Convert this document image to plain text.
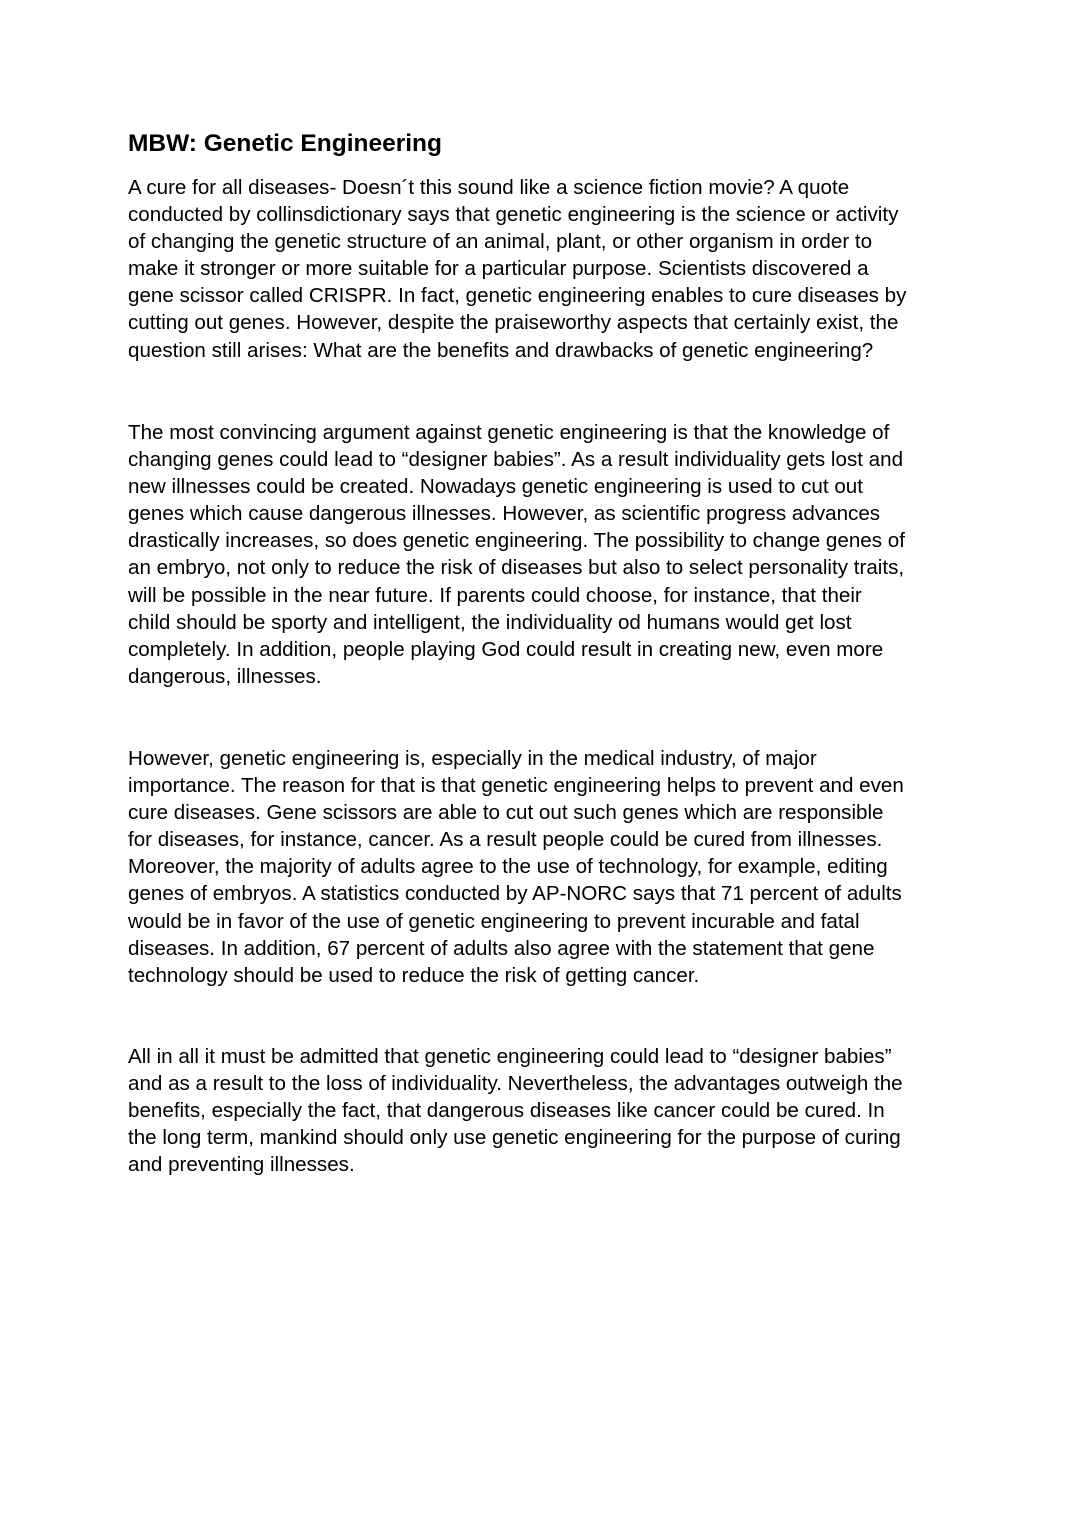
MBW: Genetic Engineering

A cure for all diseases- Doesn´t this sound like a science fiction movie? A quote
conducted by collinsdictionary says that genetic engineering is the science or activity
of changing the genetic structure of an animal, plant, or other organism in order to
make it stronger or more suitable for a particular purpose. Scientists discovered a
gene scissor called CRISPR. In fact, genetic engineering enables to cure diseases by
cutting out genes. However, despite the praiseworthy aspects that certainly exist, the
question still arises: What are the benefits and drawbacks of genetic engineering?

The most convincing argument against genetic engineering is that the knowledge of
changing genes could lead to “designer babies”. As a result individuality gets lost and
new illnesses could be created. Nowadays genetic engineering is used to cut out
genes which cause dangerous illnesses. However, as scientific progress advances
drastically increases, so does genetic engineering. The possibility to change genes of
an embryo, not only to reduce the risk of diseases but also to select personality traits,
will be possible in the near future. If parents could choose, for instance, that their
child should be sporty and intelligent, the individuality od humans would get lost
completely. In addition, people playing God could result in creating new, even more
dangerous, illnesses.

However, genetic engineering is, especially in the medical industry, of major
importance. The reason for that is that genetic engineering helps to prevent and even
cure diseases. Gene scissors are able to cut out such genes which are responsible
for diseases, for instance, cancer. As a result people could be cured from illnesses.
Moreover, the majority of adults agree to the use of technology, for example, editing
genes of embryos. A statistics conducted by AP-NORC says that 71 percent of adults
would be in favor of the use of genetic engineering to prevent incurable and fatal
diseases. In addition, 67 percent of adults also agree with the statement that gene
technology should be used to reduce the risk of getting cancer.

All in all it must be admitted that genetic engineering could lead to “designer babies”
and as a result to the loss of individuality. Nevertheless, the advantages outweigh the
benefits, especially the fact, that dangerous diseases like cancer could be cured. In
the long term, mankind should only use genetic engineering for the purpose of curing
and preventing illnesses.
